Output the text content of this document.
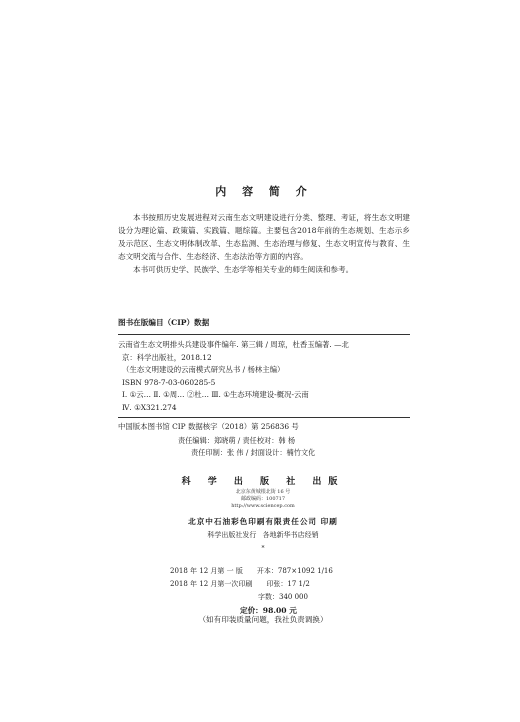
内 容 简 介

本书按照历史发展进程对云南生态文明建设进行分类、整理、考证，将生态文明建设分为理论篇、政策篇、实践篇、题综篇。主要包含2018年前的生态规划、生态示乡及示范区、生态文明体制改革、生态监测、生态治理与修复、生态文明宣传与教育、生态文明交流与合作、生态经济、生态法治等方面的内容。

本书可供历史学、民族学、生态学等相关专业的师生阅读和参考。

图书在版编目（CIP）数据
云南省生态文明排头兵建设事件编年. 第三辑 / 周琼，杜香玉编著. —北
京：科学出版社，2018.12
（生态文明建设的云南模式研究丛书 / 杨林主编）
ISBN 978-7-03-060285-5
Ⅰ. ①云… Ⅱ. ①周… ②杜… Ⅲ. ①生态环境建设-概况-云南
Ⅳ. ①X321.274
中国版本图书馆 CIP 数据核字（2018）第 256836 号
责任编辑：郑晓萌 / 责任校对：韩 杨
责任印制：张 伟 / 封面设计：楠竹文化
科 学 出 版 社 出版
北京东黄城根北街 16 号
邮政编码：100717
http://www.sciencep.com
北京中石油彩色印刷有限责任公司 印刷
科学出版社发行 各地新华书店经销
*
2018 年 12 月第 一 版 开本：787×1092 1/16
2018 年 12 月第一次印刷 印张：17 1/2
字数：340 000
定价：98.00 元
（如有印装质量问题，我社负责调换）
